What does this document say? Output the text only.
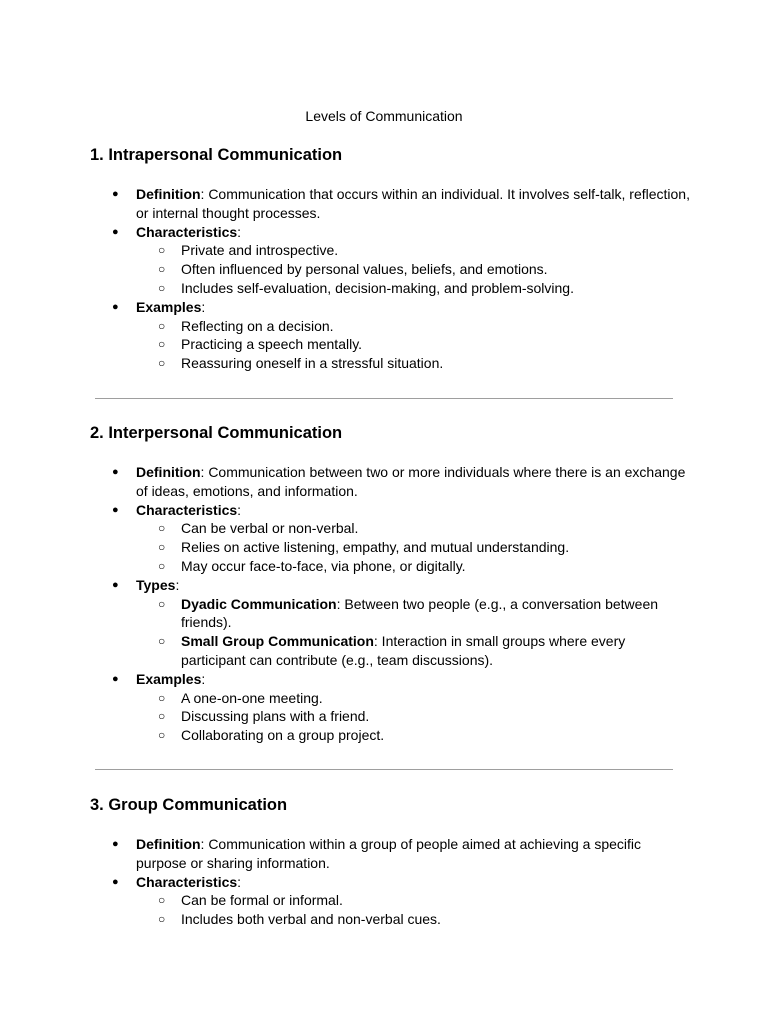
Levels of Communication
1. Intrapersonal Communication
● Definition: Communication that occurs within an individual. It involves self-talk, reflection, or internal thought processes.
● Characteristics:
○ Private and introspective.
○ Often influenced by personal values, beliefs, and emotions.
○ Includes self-evaluation, decision-making, and problem-solving.
● Examples:
○ Reflecting on a decision.
○ Practicing a speech mentally.
○ Reassuring oneself in a stressful situation.
2. Interpersonal Communication
● Definition: Communication between two or more individuals where there is an exchange of ideas, emotions, and information.
● Characteristics:
○ Can be verbal or non-verbal.
○ Relies on active listening, empathy, and mutual understanding.
○ May occur face-to-face, via phone, or digitally.
● Types:
○ Dyadic Communication: Between two people (e.g., a conversation between friends).
○ Small Group Communication: Interaction in small groups where every participant can contribute (e.g., team discussions).
● Examples:
○ A one-on-one meeting.
○ Discussing plans with a friend.
○ Collaborating on a group project.
3. Group Communication
● Definition: Communication within a group of people aimed at achieving a specific purpose or sharing information.
● Characteristics:
○ Can be formal or informal.
○ Includes both verbal and non-verbal cues.
